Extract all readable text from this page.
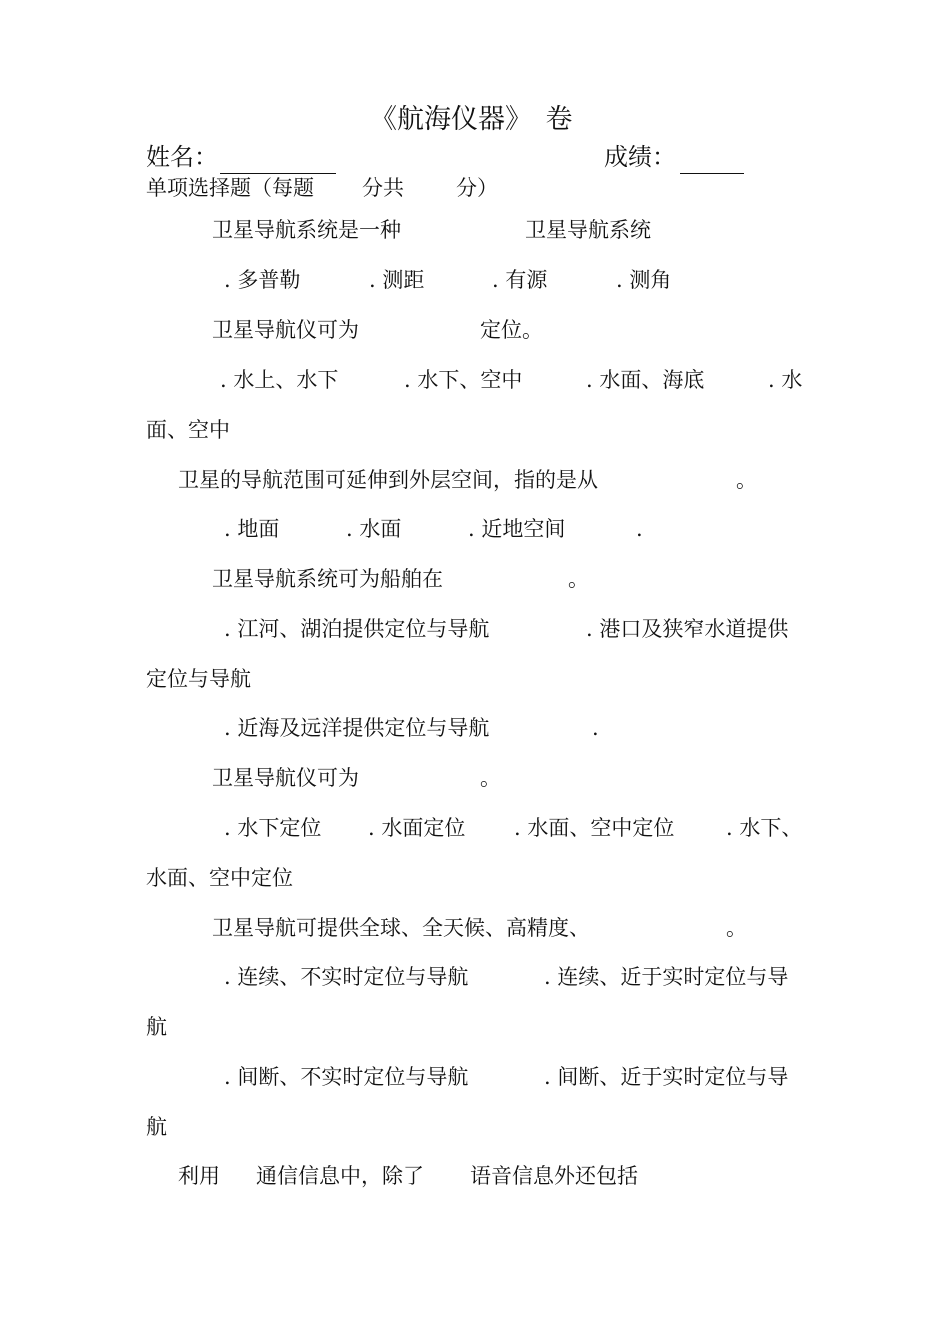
《航海仪器》　卷
姓名：	成绩：
单项选择题（每题 分共 分）
卫星导航系统是一种	卫星导航系统
. 多普勒	. 测距	. 有源	. 测角
卫星导航仪可为	定位。
. 水上、水下	. 水下、空中	. 水面、海底	. 水
面、空中
卫星的导航范围可延伸到外层空间，指的是从	。
. 地面	. 水面	. 近地空间	.
卫星导航系统可为船舶在	。
. 江河、湖泊提供定位与导航	. 港口及狭窄水道提供
定位与导航
. 近海及远洋提供定位与导航	.
卫星导航仪可为	。
. 水下定位 . 水面定位 . 水面、空中定位 . 水下、
水面、空中定位
卫星导航可提供全球、全天候、高精度、	。
. 连续、不实时定位与导航	. 连续、近于实时定位与导
航
. 间断、不实时定位与导航	. 间断、近于实时定位与导
航
利用 通信信息中，除了 语音信息外还包括
